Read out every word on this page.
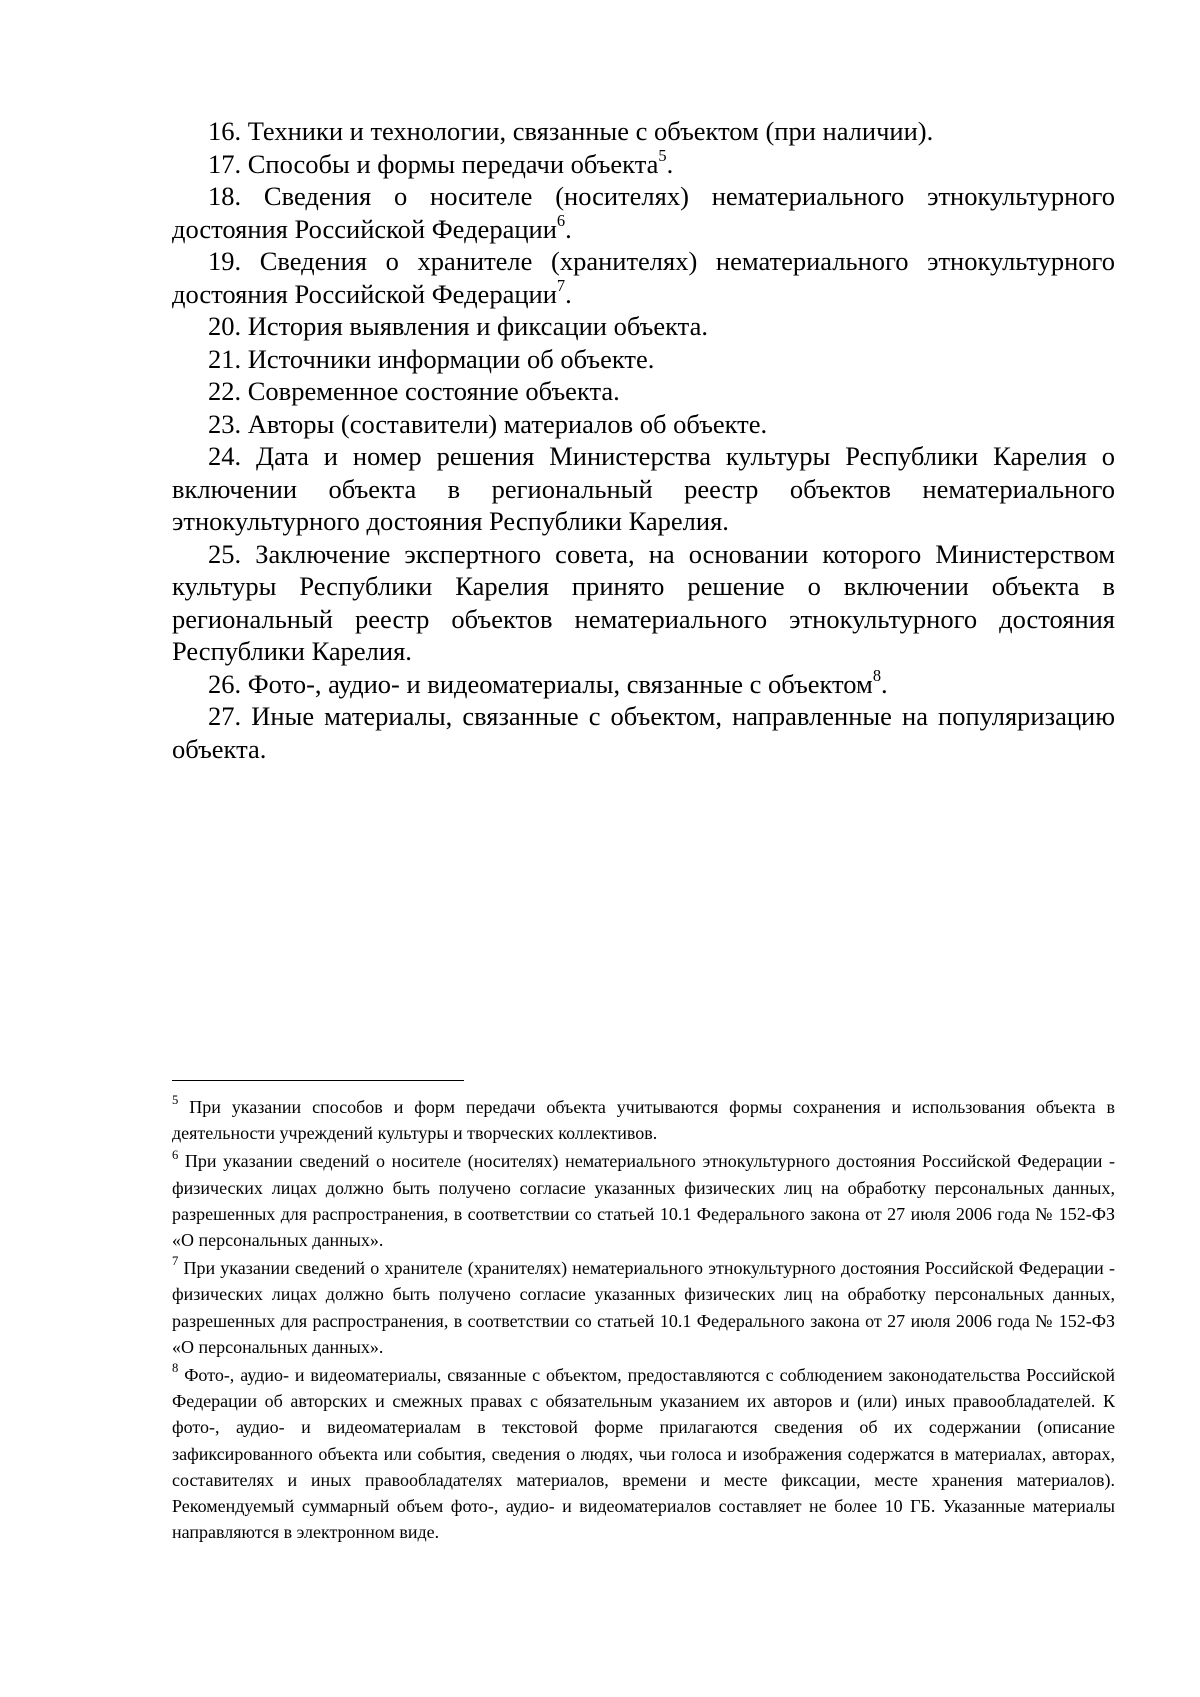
16. Техники и технологии, связанные с объектом (при наличии).

17. Способы и формы передачи объекта$^5$.

18. Сведения о носителе (носителях) нематериального этнокультурного достояния Российской Федерации$^6$.

19. Сведения о хранителе (хранителях) нематериального этнокультурного достояния Российской Федерации$^7$.

20. История выявления и фиксации объекта.

21. Источники информации об объекте.

22. Современное состояние объекта.

23. Авторы (составители) материалов об объекте.

24. Дата и номер решения Министерства культуры Республики Карелия о включении объекта в региональный реестр объектов нематериального этнокультурного достояния Республики Карелия.

25. Заключение экспертного совета, на основании которого Министерством культуры Республики Карелия принято решение о включении объекта в региональный реестр объектов нематериального этнокультурного достояния Республики Карелия.

26. Фото-, аудио- и видеоматериалы, связанные с объектом$^8$.

27. Иные материалы, связанные с объектом, направленные на популяризацию объекта.

$^5$ При указании способов и форм передачи объекта учитываются формы сохранения и использования объекта в деятельности учреждений культуры и творческих коллективов.

$^6$ При указании сведений о носителе (носителях) нематериального этнокультурного достояния Российской Федерации - физических лицах должно быть получено согласие указанных физических лиц на обработку персональных данных, разрешенных для распространения, в соответствии со статьей 10.1 Федерального закона от 27 июля 2006 года № 152-ФЗ «О персональных данных».

$^7$ При указании сведений о хранителе (хранителях) нематериального этнокультурного достояния Российской Федерации - физических лицах должно быть получено согласие указанных физических лиц на обработку персональных данных, разрешенных для распространения, в соответствии со статьей 10.1 Федерального закона от 27 июля 2006 года № 152-ФЗ «О персональных данных».

$^8$ Фото-, аудио- и видеоматериалы, связанные с объектом, предоставляются с соблюдением законодательства Российской Федерации об авторских и смежных правах с обязательным указанием их авторов и (или) иных правообладателей. К фото-, аудио- и видеоматериалам в текстовой форме прилагаются сведения об их содержании (описание зафиксированного объекта или события, сведения о людях, чьи голоса и изображения содержатся в материалах, авторах, составителях и иных правообладателях материалов, времени и месте фиксации, месте хранения материалов). Рекомендуемый суммарный объем фото-, аудио- и видеоматериалов составляет не более 10 ГБ. Указанные материалы направляются в электронном виде.
